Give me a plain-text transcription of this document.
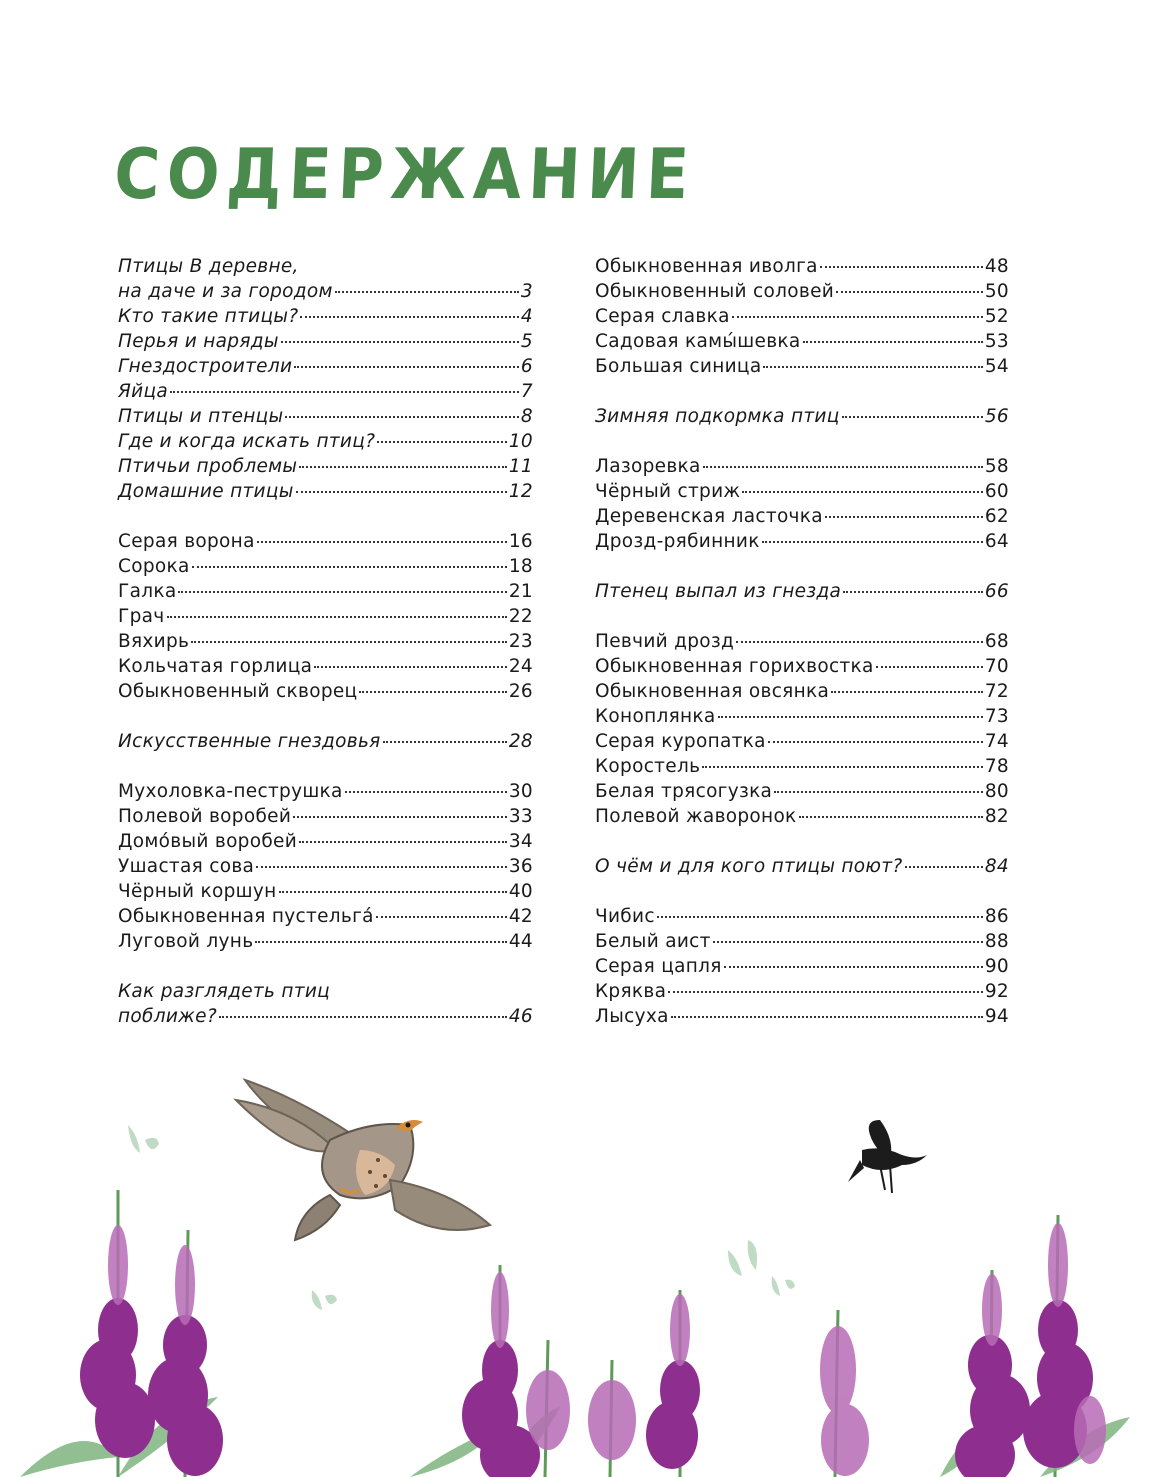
СОДЕРЖАНИЕ
Птицы В деревне,
на даче и за городом	3
Кто такие птицы?	4
Перья и наряды	5
Гнездостроители	6
Яйца	7
Птицы и птенцы	8
Где и когда искать птиц?	10
Птичьи проблемы	11
Домашние птицы	12
Серая ворона	16
Сорока	18
Галка	21
Грач	22
Вяхирь	23
Кольчатая горлица	24
Обыкновенный скворец	26
Искусственные гнездовья	28
Мухоловка-пеструшка	30
Полевой воробей	33
Домо́вый воробей	34
Ушастая сова	36
Чёрный коршун	40
Обыкновенная пустельга́	42
Луговой лунь	44
Как разглядеть птиц
поближе?	46
Обыкновенная иволга	48
Обыкновенный соловей	50
Серая славка	52
Садовая камы́шевка	53
Большая синица	54
Зимняя подкормка птиц	56
Лазоревка	58
Чёрный стриж	60
Деревенская ласточка	62
Дрозд-рябинник	64
Птенец выпал из гнезда	66
Певчий дрозд	68
Обыкновенная горихвостка	70
Обыкновенная овсянка	72
Коноплянка	73
Серая куропатка	74
Коростель	78
Белая трясогузка	80
Полевой жаворонок	82
О чём и для кого птицы поют?	84
Чибис	86
Белый аист	88
Серая цапля	90
Кряква	92
Лысуха	94
